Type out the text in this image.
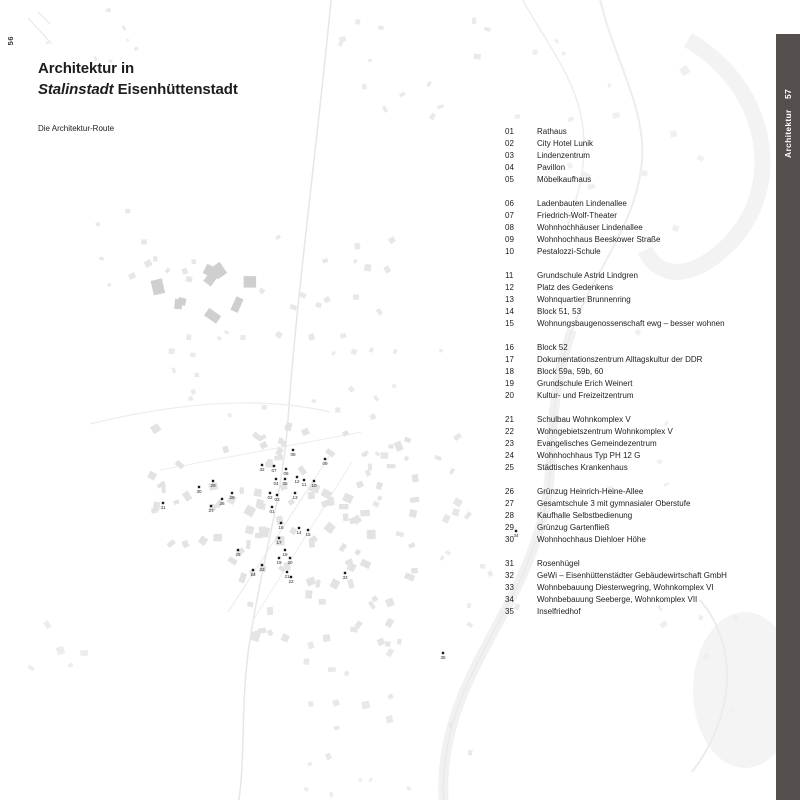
08
09
32 07
06
04 05 12
11 10
29
30
28
26
31
27
02 03	13
01
16
14 15
17
25	18
19 20
23
24	21
22
33
34
35
56
Architektur
57
Architektur in
Stalinstadt Eisenhüttenstadt
Die Architektur-Route	01	Rathaus
02	City Hotel Lunik
03	Lindenzentrum
04	Pavillon
05	Möbelkaufhaus
06	Ladenbauten Lindenallee
07	Friedrich-Wolf-Theater
08	Wohnhochhäuser Lindenallee
09	Wohnhochhaus Beeskower Straße
10	Pestalozzi-Schule
11	Grundschule Astrid Lindgren
12	Platz des Gedenkens
13	Wohnquartier Brunnenring
14	Block 51, 53
15	Wohnungsbaugenossenschaft ewg – besser wohnen
16	Block 52
17	Dokumentationszentrum Alltagskultur der DDR
18	Block 59a, 59b, 60
19	Grundschule Erich Weinert
20	Kultur- und Freizeitzentrum
21	Schulbau Wohnkomplex V
22	Wohngebietszentrum Wohnkomplex V
23	Evangelisches Gemeindezentrum
24	Wohnhochhaus Typ PH 12 G
25	Städtisches Krankenhaus
26	Grünzug Heinrich-Heine-Allee
27	Gesamtschule 3 mit gymnasialer Oberstufe
28	Kaufhalle Selbstbedienung
29	Grünzug Gartenfließ
30	Wohnhochhaus Diehloer Höhe
31	Rosenhügel
32	GeWi – Eisenhüttenstädter Gebäudewirtschaft GmbH
33	Wohnbebauung Diesterwegring, Wohnkomplex VI
34	Wohnbebauung Seeberge, Wohnkomplex VII
35	Inselfriedhof
